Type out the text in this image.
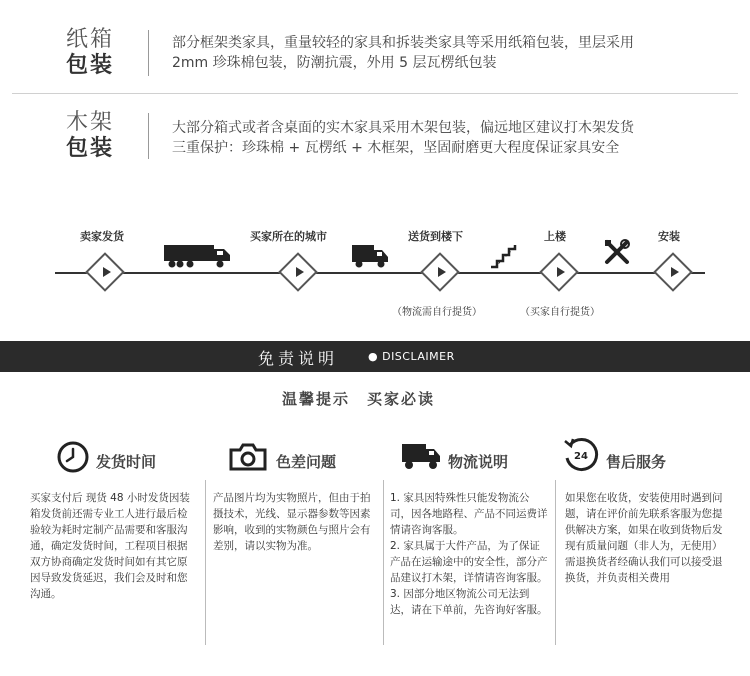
纸箱
包装
部分框架类家具，重量较轻的家具和拆装类家具等采用纸箱包装，里层采用
2mm 珍珠棉包装，防潮抗震，外用 5 层瓦楞纸包装
木架
包装
大部分箱式或者含桌面的实木家具采用木架包装，偏远地区建议打木架发货
三重保护：珍珠棉 + 瓦楞纸 + 木框架，坚固耐磨更大程度保证家具安全
卖家发货	买家所在的城市	送货到楼下	上楼	安装
（物流需自行提货）	（买家自行提货）
免责说明	● DISCLAIMER
温馨提示　买家必读
发货时间
买家支付后 现货 48 小时发货因装箱发货前还需专业工人进行最后检验较为耗时定制产品需要和客服沟通，确定发货时间，工程项目根据双方协商确定发货时间如有其它原因导致发货延迟，我们会及时和您沟通。
色差问题
产品图片均为实物照片，但由于拍摄技术，光线、显示器参数等因素影响，收到的实物颜色与照片会有差别，请以实物为准。
物流说明
1. 家具因特殊性只能发物流公司，因各地路程、产品不同运费详情请咨询客服。
2. 家具属于大件产品，为了保证产品在运输途中的安全性，部分产品建议打木架，详情请咨询客服。
3. 因部分地区物流公司无法到达，请在下单前，先咨询好客服。
24 售后服务
如果您在收货，安装使用时遇到问题，请在评价前先联系客服为您提供解决方案，如果在收到货物后发现有质量问题（非人为，无使用）需退换货者经确认我们可以接受退换货，并负责相关费用
